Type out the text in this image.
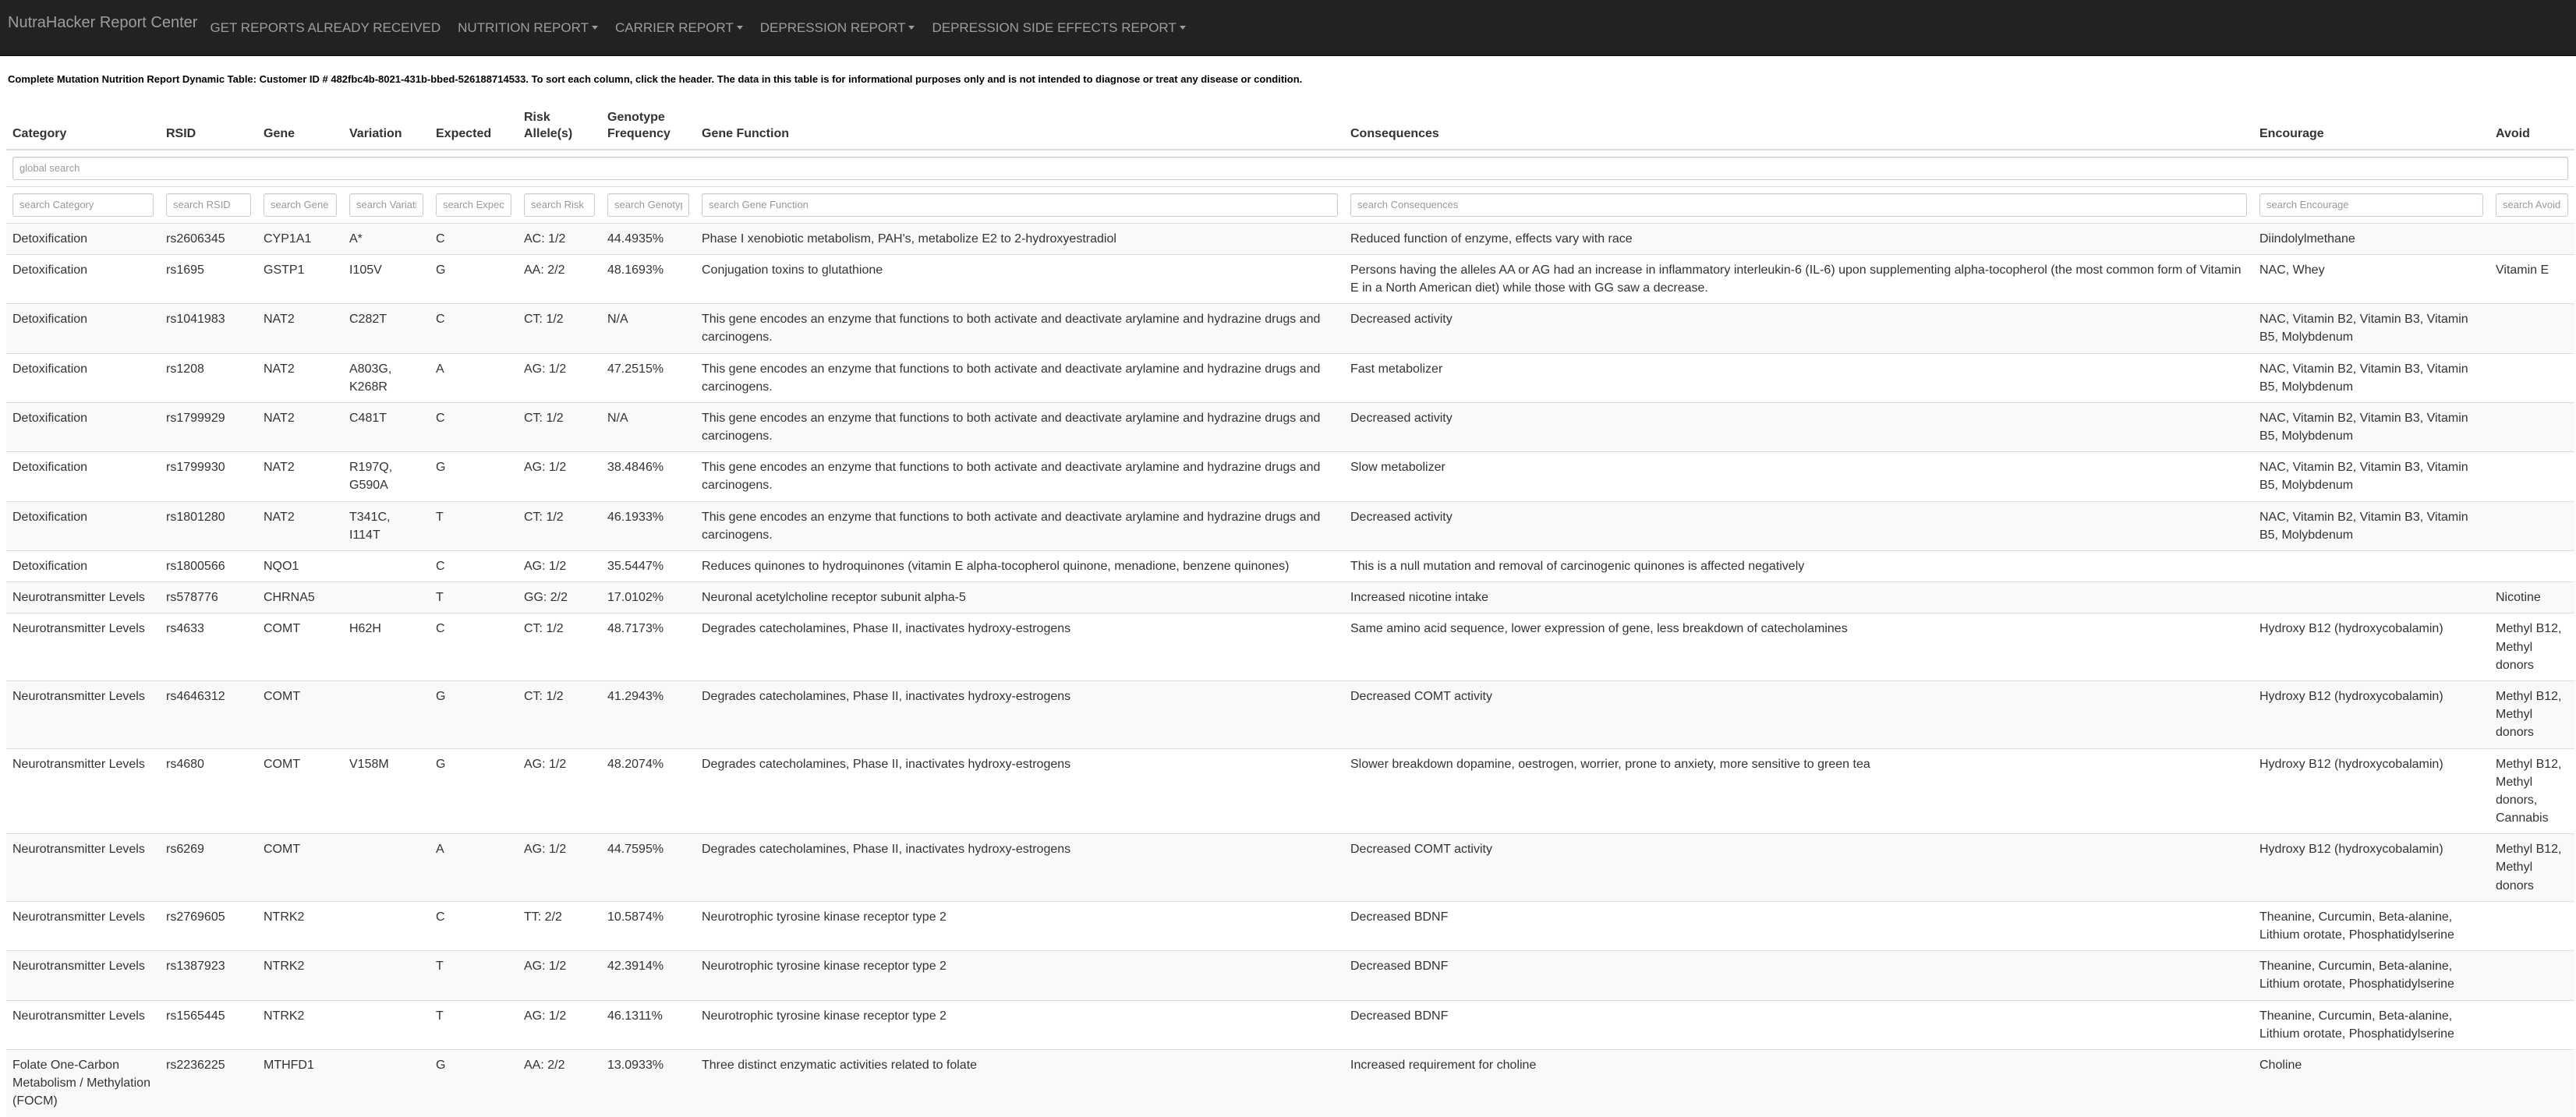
NutraHacker Report Center GET REPORTS ALREADY RECEIVED NUTRITION REPORT CARRIER REPORT DEPRESSION REPORT DEPRESSION SIDE EFFECTS REPORT
Complete Mutation Nutrition Report Dynamic Table: Customer ID # 482fbc4b-8021-431b-bbed-526188714533. To sort each column, click the header. The data in this table is for informational purposes only and is not intended to diagnose or treat any disease or condition.
Category	RSID	Gene	Variation	Expected	Risk Allele(s)	Genotype Frequency	Gene Function	Consequences	Encourage	Avoid
global search
search Category	search RSID	search Gene	search Variation	search Expected	search Risk	search Genotype	search Gene Function	search Consequences	search Encourage	search Avoid
Detoxification	rs2606345	CYP1A1	A*	C	AC: 1/2	44.4935%	Phase I xenobiotic metabolism, PAH's, metabolize E2 to 2-hydroxyestradiol	Reduced function of enzyme, effects vary with race	Diindolylmethane	
Detoxification	rs1695	GSTP1	I105V	G	AA: 2/2	48.1693%	Conjugation toxins to glutathione	Persons having the alleles AA or AG had an increase in inflammatory interleukin-6 (IL-6) upon supplementing alpha-tocopherol (the most common form of Vitamin E in a North American diet) while those with GG saw a decrease.	NAC, Whey	Vitamin E
Detoxification	rs1041983	NAT2	C282T	C	CT: 1/2	N/A	This gene encodes an enzyme that functions to both activate and deactivate arylamine and hydrazine drugs and carcinogens.	Decreased activity	NAC, Vitamin B2, Vitamin B3, Vitamin B5, Molybdenum	
Detoxification	rs1208	NAT2	A803G, K268R	A	AG: 1/2	47.2515%	This gene encodes an enzyme that functions to both activate and deactivate arylamine and hydrazine drugs and carcinogens.	Fast metabolizer	NAC, Vitamin B2, Vitamin B3, Vitamin B5, Molybdenum	
Detoxification	rs1799929	NAT2	C481T	C	CT: 1/2	N/A	This gene encodes an enzyme that functions to both activate and deactivate arylamine and hydrazine drugs and carcinogens.	Decreased activity	NAC, Vitamin B2, Vitamin B3, Vitamin B5, Molybdenum	
Detoxification	rs1799930	NAT2	R197Q, G590A	G	AG: 1/2	38.4846%	This gene encodes an enzyme that functions to both activate and deactivate arylamine and hydrazine drugs and carcinogens.	Slow metabolizer	NAC, Vitamin B2, Vitamin B3, Vitamin B5, Molybdenum	
Detoxification	rs1801280	NAT2	T341C, I114T	T	CT: 1/2	46.1933%	This gene encodes an enzyme that functions to both activate and deactivate arylamine and hydrazine drugs and carcinogens.	Decreased activity	NAC, Vitamin B2, Vitamin B3, Vitamin B5, Molybdenum	
Detoxification	rs1800566	NQO1		C	AG: 1/2	35.5447%	Reduces quinones to hydroquinones (vitamin E alpha-tocopherol quinone, menadione, benzene quinones)	This is a null mutation and removal of carcinogenic quinones is affected negatively		
Neurotransmitter Levels	rs578776	CHRNA5		T	GG: 2/2	17.0102%	Neuronal acetylcholine receptor subunit alpha-5	Increased nicotine intake		Nicotine
Neurotransmitter Levels	rs4633	COMT	H62H	C	CT: 1/2	48.7173%	Degrades catecholamines, Phase II, inactivates hydroxy-estrogens	Same amino acid sequence, lower expression of gene, less breakdown of catecholamines	Hydroxy B12 (hydroxycobalamin)	Methyl B12, Methyl donors
Neurotransmitter Levels	rs4646312	COMT		G	CT: 1/2	41.2943%	Degrades catecholamines, Phase II, inactivates hydroxy-estrogens	Decreased COMT activity	Hydroxy B12 (hydroxycobalamin)	Methyl B12, Methyl donors
Neurotransmitter Levels	rs4680	COMT	V158M	G	AG: 1/2	48.2074%	Degrades catecholamines, Phase II, inactivates hydroxy-estrogens	Slower breakdown dopamine, oestrogen, worrier, prone to anxiety, more sensitive to green tea	Hydroxy B12 (hydroxycobalamin)	Methyl B12, Methyl donors, Cannabis
Neurotransmitter Levels	rs6269	COMT		A	AG: 1/2	44.7595%	Degrades catecholamines, Phase II, inactivates hydroxy-estrogens	Decreased COMT activity	Hydroxy B12 (hydroxycobalamin)	Methyl B12, Methyl donors
Neurotransmitter Levels	rs2769605	NTRK2		C	TT: 2/2	10.5874%	Neurotrophic tyrosine kinase receptor type 2	Decreased BDNF	Theanine, Curcumin, Beta-alanine, Lithium orotate, Phosphatidylserine	
Neurotransmitter Levels	rs1387923	NTRK2		T	AG: 1/2	42.3914%	Neurotrophic tyrosine kinase receptor type 2	Decreased BDNF	Theanine, Curcumin, Beta-alanine, Lithium orotate, Phosphatidylserine	
Neurotransmitter Levels	rs1565445	NTRK2		T	AG: 1/2	46.1311%	Neurotrophic tyrosine kinase receptor type 2	Decreased BDNF	Theanine, Curcumin, Beta-alanine, Lithium orotate, Phosphatidylserine	
Folate One-Carbon Metabolism / Methylation (FOCM)	rs2236225	MTHFD1		G	AA: 2/2	13.0933%	Three distinct enzymatic activities related to folate	Increased requirement for choline	Choline	
